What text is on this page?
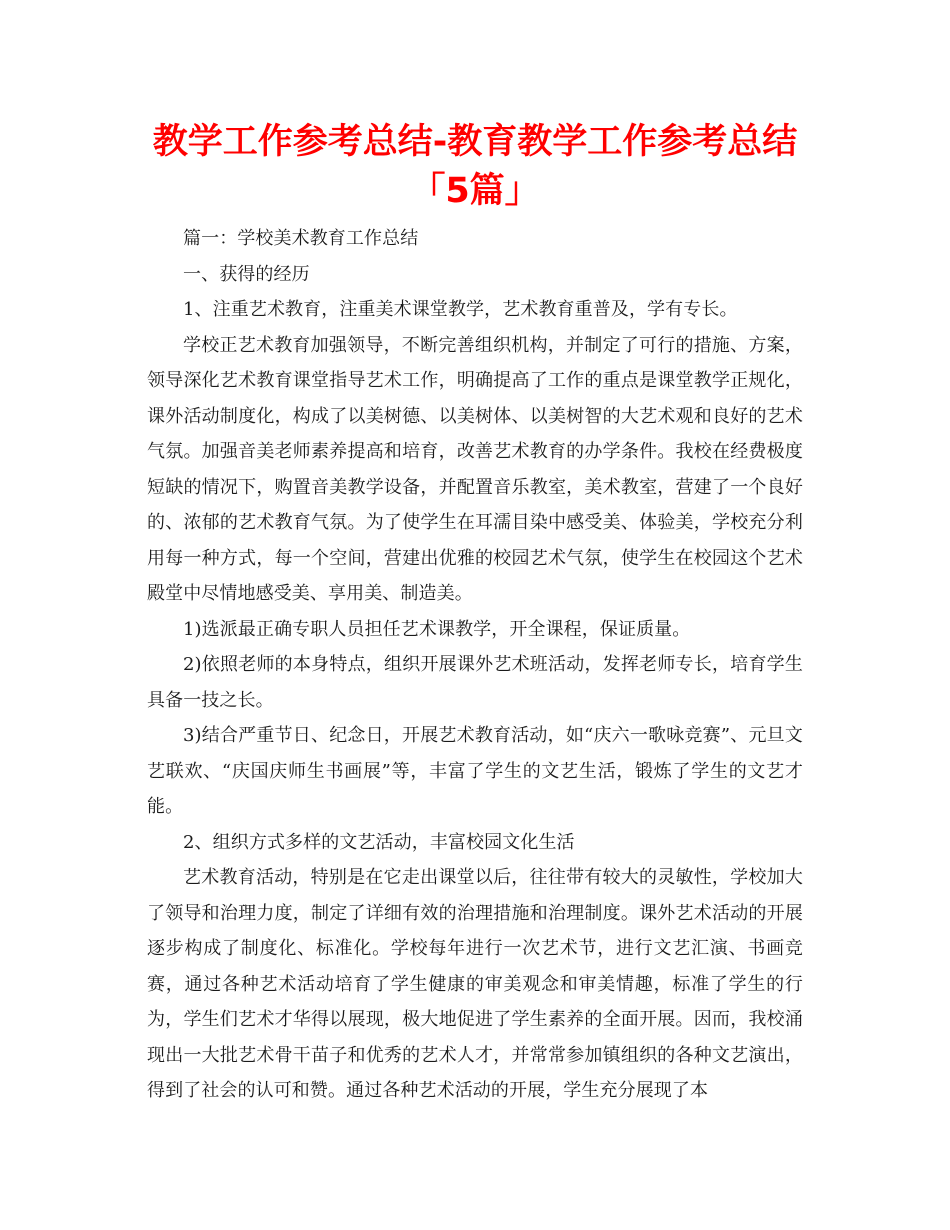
教学工作参考总结-教育教学工作参考总结「5篇」

篇一：学校美术教育工作总结

一、获得的经历

1、注重艺术教育，注重美术课堂教学，艺术教育重普及，学有专长。

学校正艺术教育加强领导，不断完善组织机构，并制定了可行的措施、方案，领导深化艺术教育课堂指导艺术工作，明确提高了工作的重点是课堂教学正规化，课外活动制度化，构成了以美树德、以美树体、以美树智的大艺术观和良好的艺术气氛。加强音美老师素养提高和培育，改善艺术教育的办学条件。我校在经费极度短缺的情况下，购置音美教学设备，并配置音乐教室，美术教室，营建了一个良好的、浓郁的艺术教育气氛。为了使学生在耳濡目染中感受美、体验美，学校充分利用每一种方式，每一个空间，营建出优雅的校园艺术气氛，使学生在校园这个艺术殿堂中尽情地感受美、享用美、制造美。

1)选派最正确专职人员担任艺术课教学，开全课程，保证质量。

2)依照老师的本身特点，组织开展课外艺术班活动，发挥老师专长，培育学生具备一技之长。

3)结合严重节日、纪念日，开展艺术教育活动，如“庆六一歌咏竞赛”、元旦文艺联欢、“庆国庆师生书画展”等，丰富了学生的文艺生活，锻炼了学生的文艺才能。

2、组织方式多样的文艺活动，丰富校园文化生活

艺术教育活动，特别是在它走出课堂以后，往往带有较大的灵敏性，学校加大了领导和治理力度，制定了详细有效的治理措施和治理制度。课外艺术活动的开展逐步构成了制度化、标准化。学校每年进行一次艺术节，进行文艺汇演、书画竞赛，通过各种艺术活动培育了学生健康的审美观念和审美情趣，标准了学生的行为，学生们艺术才华得以展现，极大地促进了学生素养的全面开展。因而，我校涌现出一大批艺术骨干苗子和优秀的艺术人才，并常常参加镇组织的各种文艺演出，得到了社会的认可和赞。通过各种艺术活动的开展，学生充分展现了本
